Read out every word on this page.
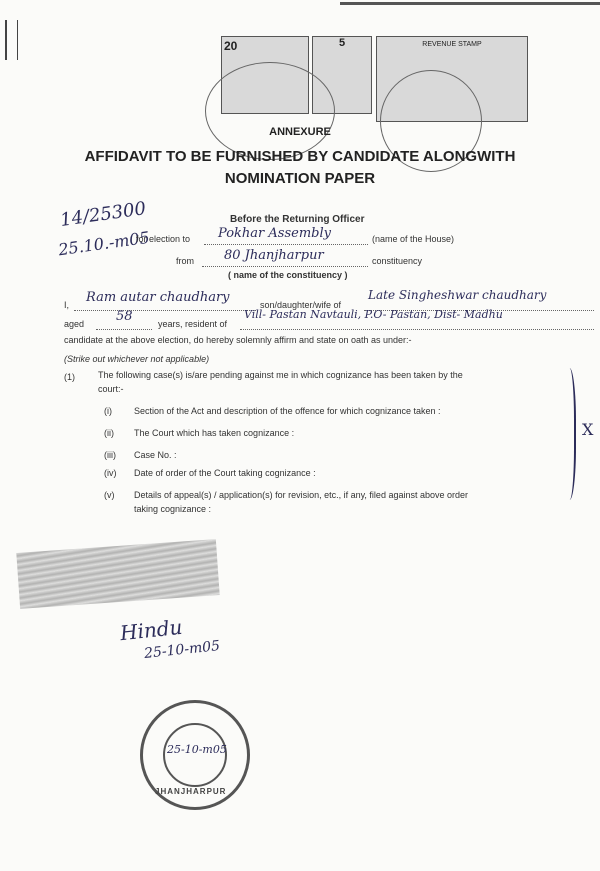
20	5	REVENUE STAMP
ANNEXURE
AFFIDAVIT TO BE FURNISHED BY CANDIDATE ALONGWITH
NOMINATION PAPER
14/25300
25.10.-m05
Before the Returning Officer
for election to Pokhar Assembly	(name of the House)
from 80 Jhanjharpur	constituency
( name of the constituency )
I, Ram autar chaudhary	son/daughter/wife of
Late Singheshwar chaudhary
aged 58	years, resident of
Vill- Pastan Navtauli, P.O- Pastan, Dist- Madhu
candidate at the above election, do hereby solemnly affirm and state on oath as under:-
(Strike out whichever not applicable)
(1)	The following case(s) is/are pending against me in which cognizance has been taken by the
court:-
(i) Section of the Act and description of the offence for which cognizance taken :
(ii) The Court which has taken cognizance :
(iii) Case No. :
(iv) Date of order of the Court taking cognizance :
(v) Details of appeal(s) / application(s) for revision, etc., if any, filed against above order
taking cognizance :
X
Hindu
25-10-m05
JHANJHARPUR
25-10-m05
